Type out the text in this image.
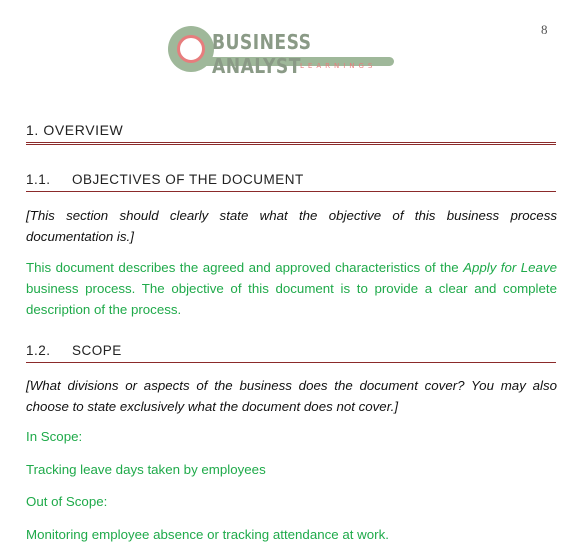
8
BUSINESS ANALYST LEARNINGS
1. OVERVIEW
1.1. OBJECTIVES OF THE DOCUMENT
[This section should clearly state what the objective of this business process documentation is.]
This document describes the agreed and approved characteristics of the Apply for Leave business process. The objective of this document is to provide a clear and complete description of the process.
1.2. SCOPE
[What divisions or aspects of the business does the document cover? You may also choose to state exclusively what the document does not cover.]
In Scope:
Tracking leave days taken by employees
Out of Scope:
Monitoring employee absence or tracking attendance at work.
